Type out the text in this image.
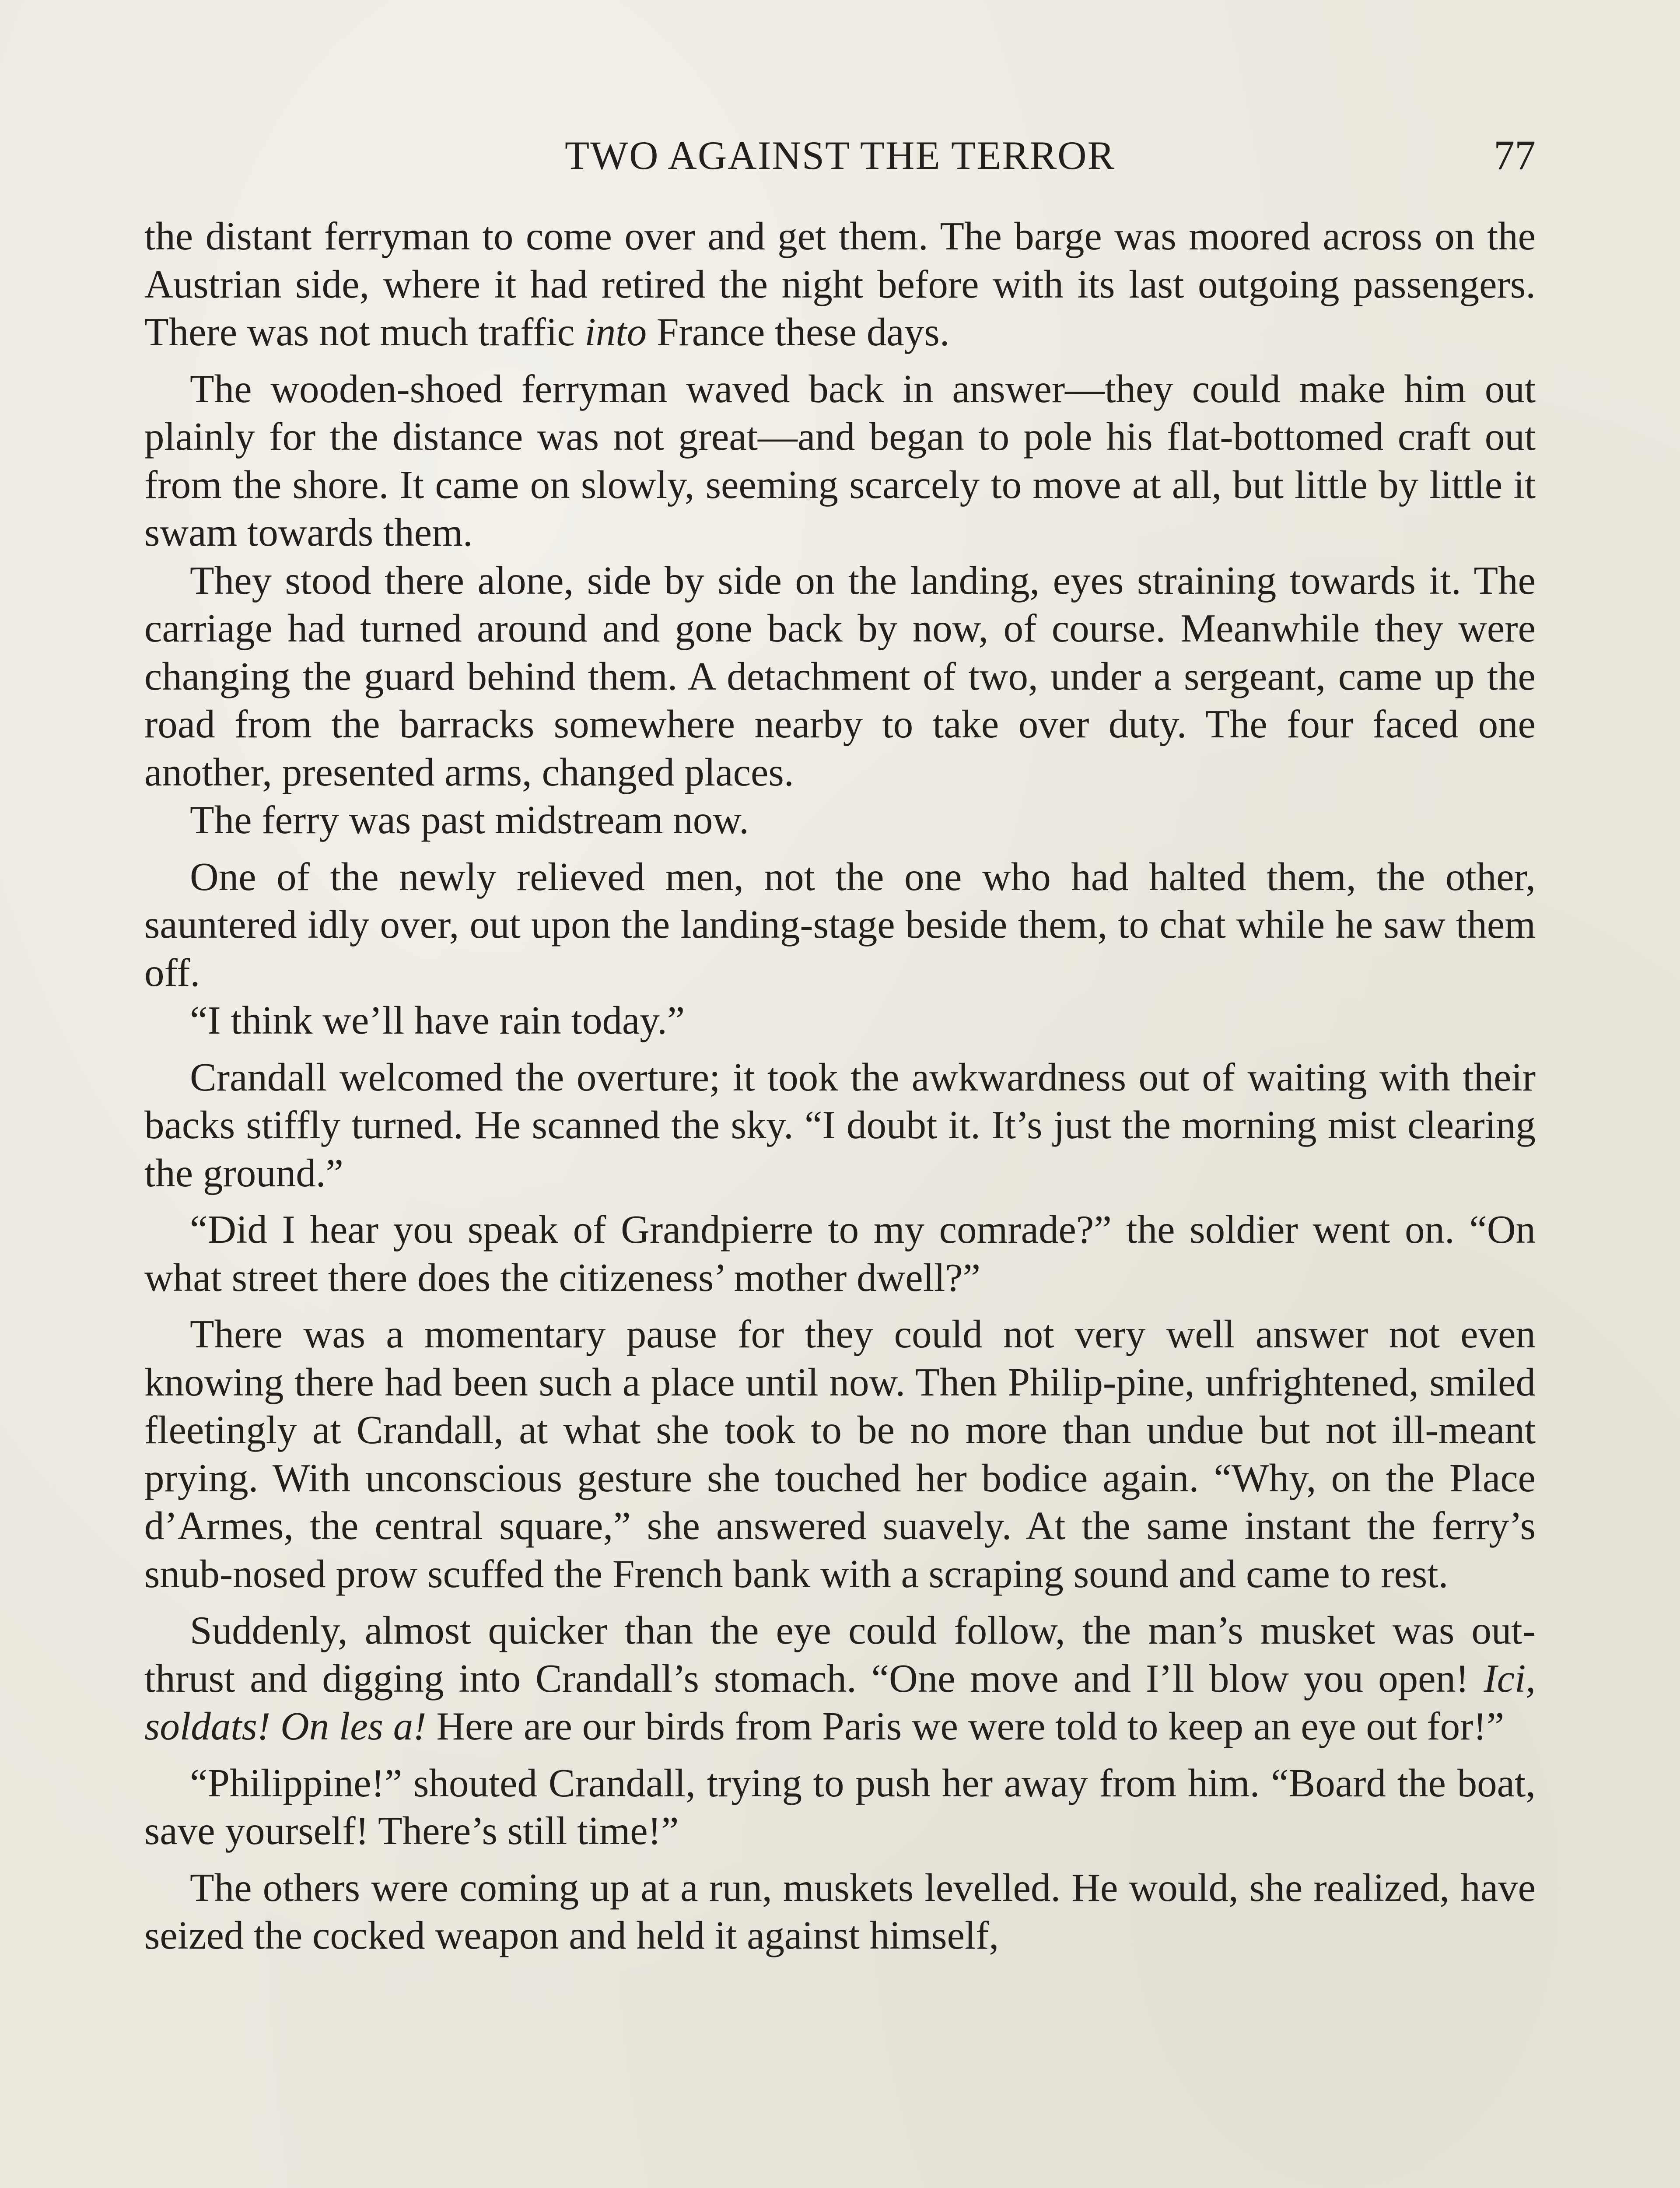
TWO AGAINST THE TERROR	77

the distant ferryman to come over and get them. The barge was moored across on the Austrian side, where it had retired the night before with its last outgoing passengers. There was not much traffic into France these days.

The wooden-shoed ferryman waved back in answer—they could make him out plainly for the distance was not great—and began to pole his flat-bottomed craft out from the shore. It came on slowly, seeming scarcely to move at all, but little by little it swam towards them.

They stood there alone, side by side on the landing, eyes straining towards it. The carriage had turned around and gone back by now, of course. Meanwhile they were changing the guard behind them. A detachment of two, under a sergeant, came up the road from the barracks somewhere nearby to take over duty. The four faced one another, presented arms, changed places.

The ferry was past midstream now.

One of the newly relieved men, not the one who had halted them, the other, sauntered idly over, out upon the landing-stage beside them, to chat while he saw them off.

“I think we’ll have rain today.”

Crandall welcomed the overture; it took the awkwardness out of waiting with their backs stiffly turned. He scanned the sky. “I doubt it. It’s just the morning mist clearing the ground.”

“Did I hear you speak of Grandpierre to my comrade?” the soldier went on. “On what street there does the citizeness’ mother dwell?”

There was a momentary pause for they could not very well answer not even knowing there had been such a place until now. Then Philip-pine, unfrightened, smiled fleetingly at Crandall, at what she took to be no more than undue but not ill-meant prying. With unconscious gesture she touched her bodice again. “Why, on the Place d’Armes, the central square,” she answered suavely. At the same instant the ferry’s snub-nosed prow scuffed the French bank with a scraping sound and came to rest.

Suddenly, almost quicker than the eye could follow, the man’s musket was out-thrust and digging into Crandall’s stomach. “One move and I’ll blow you open! Ici, soldats! On les a! Here are our birds from Paris we were told to keep an eye out for!”

“Philippine!” shouted Crandall, trying to push her away from him. “Board the boat, save yourself! There’s still time!”

The others were coming up at a run, muskets levelled. He would, she realized, have seized the cocked weapon and held it against himself,
